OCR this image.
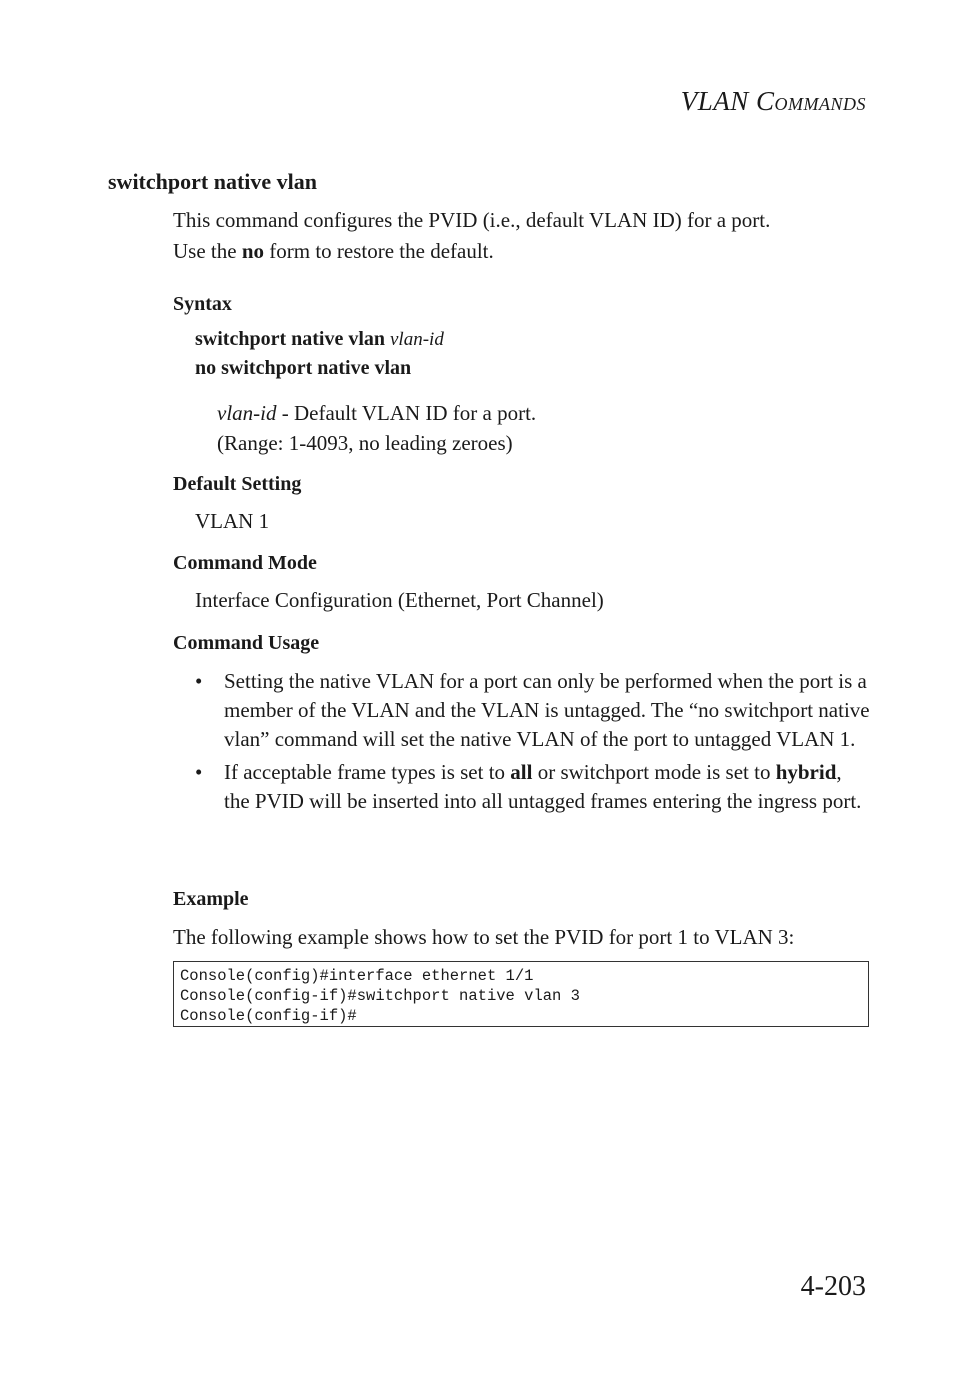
VLAN COMMANDS
switchport native vlan
This command configures the PVID (i.e., default VLAN ID) for a port.
Use the no form to restore the default.
Syntax
switchport native vlan vlan-id
no switchport native vlan
vlan-id - Default VLAN ID for a port.
(Range: 1-4093, no leading zeroes)
Default Setting
VLAN 1
Command Mode
Interface Configuration (Ethernet, Port Channel)
Command Usage
• Setting the native VLAN for a port can only be performed when the port is a member of the VLAN and the VLAN is untagged. The “no switchport native vlan” command will set the native VLAN of the port to untagged VLAN 1.
• If acceptable frame types is set to all or switchport mode is set to hybrid, the PVID will be inserted into all untagged frames entering the ingress port.
Example
The following example shows how to set the PVID for port 1 to VLAN 3:
Console(config)#interface ethernet 1/1
Console(config-if)#switchport native vlan 3
Console(config-if)#
4-203
